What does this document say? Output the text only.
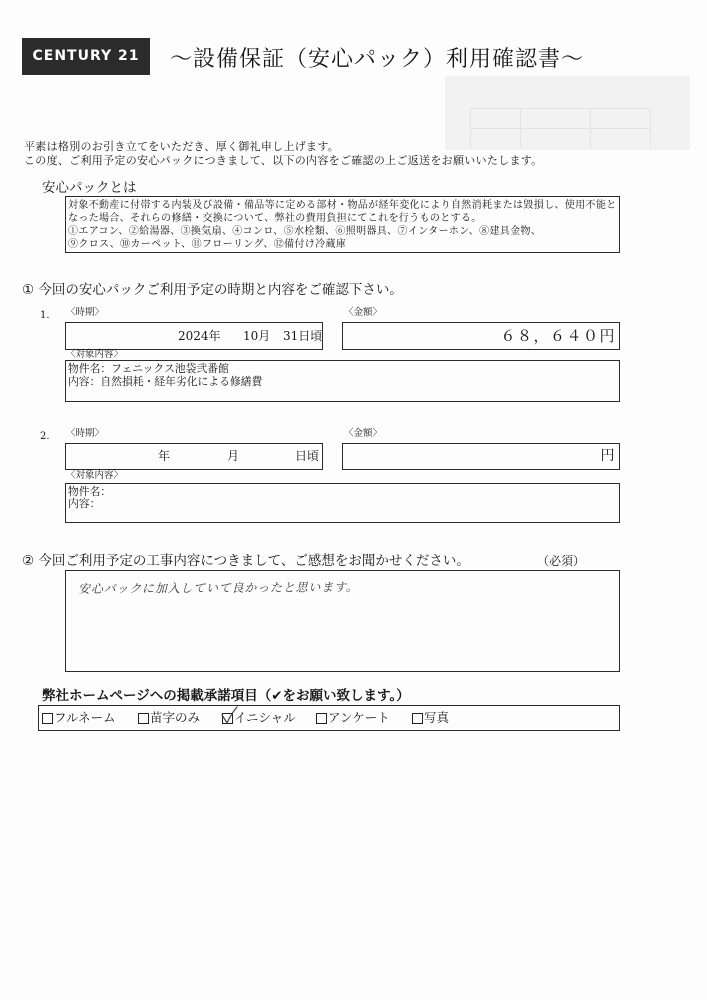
CENTURY 21	～設備保証（安心パック）利用確認書～
平素は格別のお引き立てをいただき、厚く御礼申し上げます。
この度、ご利用予定の安心パックにつきまして、以下の内容をご確認の上ご返送をお願いいたします。
安心パックとは
対象不動産に付帯する内装及び設備・備品等に定める部材・物品が経年変化により自然消耗または毀損し、使用不能と
なった場合、それらの修繕・交換について、弊社の費用負担にてこれを行うものとする。
①エアコン、②給湯器、③換気扇、④コンロ、⑤水栓類、⑥照明器具、⑦インターホン、⑧建具金物、
⑨クロス、⑩カーペット、⑪フローリング、⑫備付け冷蔵庫
① 今回の安心パックご利用予定の時期と内容をご確認下さい。
1. 〈時期〉	〈金額〉
2024年 10月 31日頃	６８，６４０円
〈対象内容〉
物件名：フェニックス池袋弐番館
内容：自然損耗・経年劣化による修繕費
2. 〈時期〉	〈金額〉
年	月	日頃	円
〈対象内容〉
物件名：
内容：
② 今回ご利用予定の工事内容につきまして、ご感想をお聞かせください。	（必須）
安心パックに加入していて良かったと思います。
弊社ホームページへの掲載承諾項目（✔をお願い致します。）
フルネーム	苗字のみ	イニシャル	アンケート	写真
